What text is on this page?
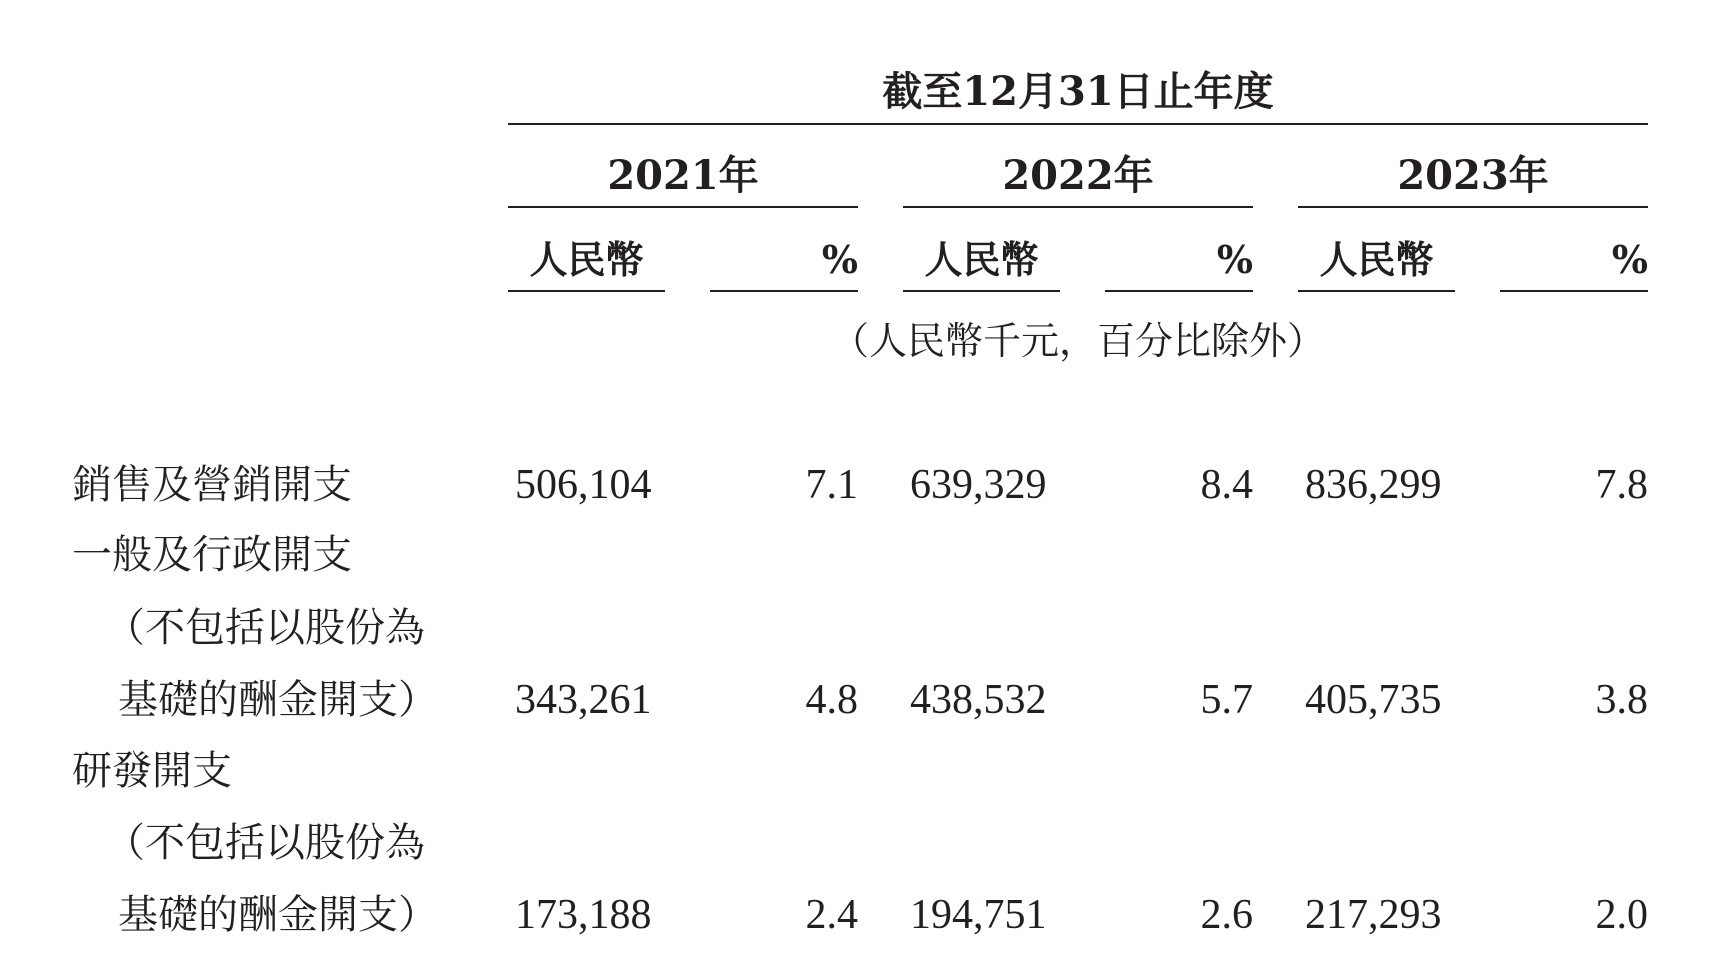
截至12月31日止年度
2021年	2022年	2023年
人民幣	%	人民幣	%	人民幣	%
（人民幣千元，百分比除外）
銷售及營銷開支	506,104	7.1 639,329	8.4 836,299	7.8
一般及行政開支
（不包括以股份為
基礎的酬金開支） 343,261	4.8 438,532	5.7 405,735	3.8
研發開支
（不包括以股份為
基礎的酬金開支） 173,188	2.4 194,751	2.6 217,293	2.0
